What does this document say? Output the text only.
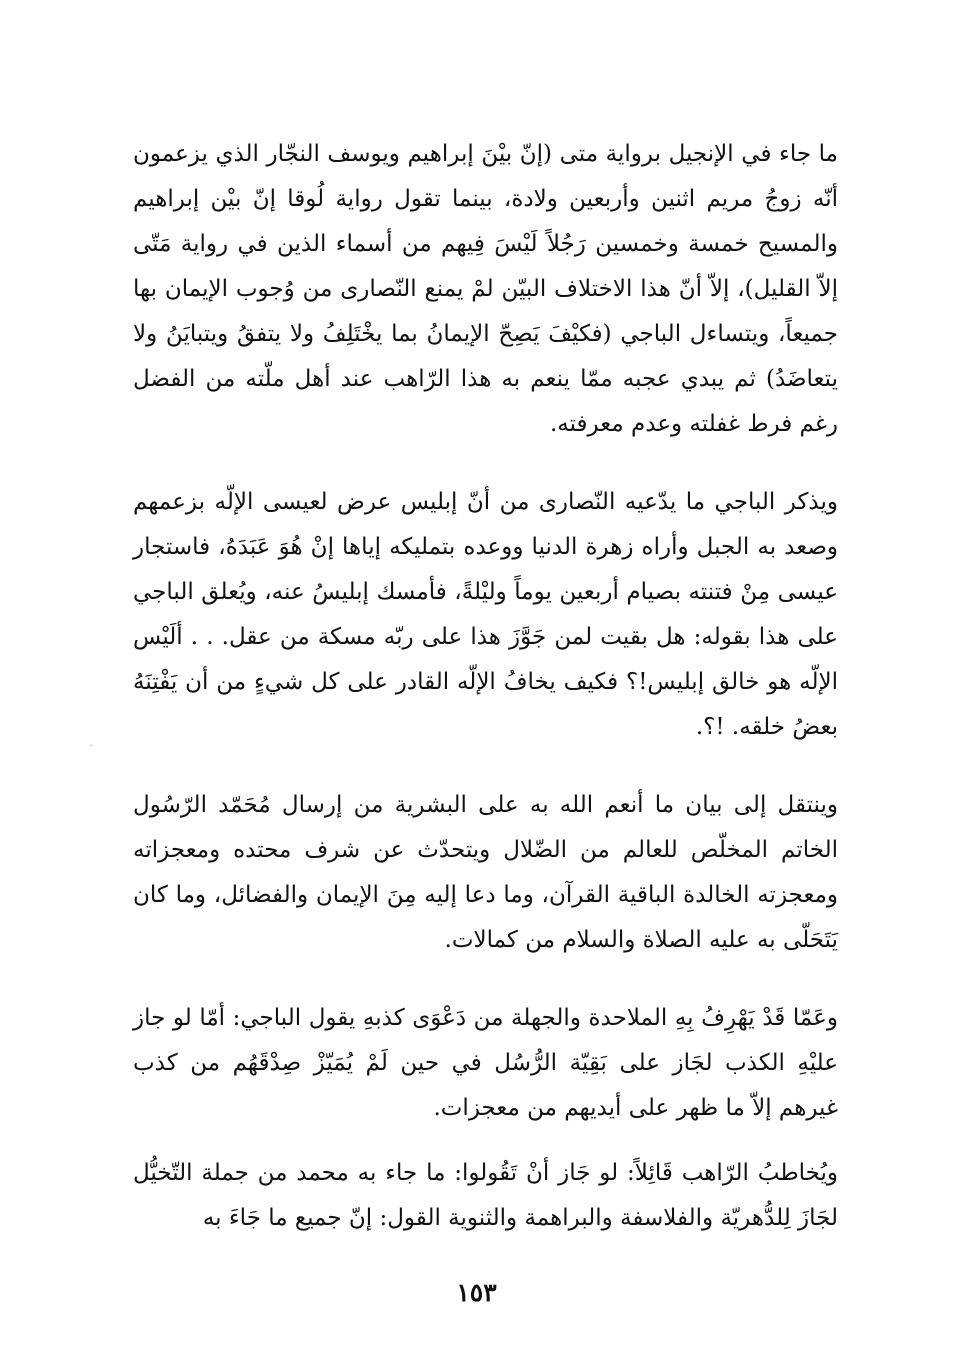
ما جاء في الإنجيل برواية متى (إنّ بيْنَ إبراهيم ويوسف النجّار الذي يزعمون أنّه زوجُ مريم اثنين وأربعين ولادة، بينما تقول رواية لُوقا إنّ بيْن إبراهيم والمسيح خمسة وخمسين رَجُلاً لَيْسَ فِيهم من أسماء الذين في رواية مَتّى إلاّ القليل)، إلاّ أنّ هذا الاختلاف البيّن لمْ يمنع النّصارى من وُجوب الإيمان بها جميعاً، ويتساءل الباجي (فكيْفَ يَصِحّ الإيمانُ بما يخْتَلِفُ ولا يتفقُ ويتبايَنُ ولا يتعاضَدُ) ثم يبدي عجبه ممّا ينعم به هذا الرّاهب عند أهل ملّته من الفضل رغم فرط غفلته وعدم معرفته.

ويذكر الباجي ما يدّعيه النّصارى من أنّ إبليس عرض لعيسى الإلّه بزعمهم وصعد به الجبل وأراه زهرة الدنيا ووعده بتمليكه إياها إنْ هُوَ عَبَدَهُ، فاستجار عيسى مِنْ فتنته بصيام أربعين يوماً وليْلةً، فأمسك إبليسُ عنه، ويُعلق الباجي على هذا بقوله: هل بقيت لمن جَوَّزَ هذا على ربّه مسكة من عقل. . . ألَيْس الإلّه هو خالق إبليس!؟ فكيف يخافُ الإلّه القادر على كل شيءٍ من أن يَفْتِنَهُ بعضُ خلقه. !؟.

وينتقل إلى بيان ما أنعم الله به على البشرية من إرسال مُحَمّد الرّسُول الخاتم المخلّص للعالم من الضّلال ويتحدّث عن شرف محتده ومعجزاته ومعجزته الخالدة الباقية القرآن، وما دعا إليه مِنَ الإيمان والفضائل، وما كان يَتَحَلّى به عليه الصلاة والسلام من كمالات.

وعَمّا قَدْ يَهْرِفُ بِهِ الملاحدة والجهلة من دَعْوَى كذبهِ يقول الباجي: أمّا لو جاز عليْهِ الكذب لجَاز على بَقِيّة الرُّسُل في حين لَمْ يُمَيّزْ صِدْقَهُم من كذب غيرهم إلاّ ما ظهر على أيديهم من معجزات.

ويُخاطبُ الرّاهب قَائِلاً: لو جَاز أنْ تَقُولوا: ما جاء به محمد من جملة التّخيُّل لجَازَ لِلدُّهريّة والفلاسفة والبراهمة والثنوية القول: إنّ جميع ما جَاءَ به

·
١٥٣
